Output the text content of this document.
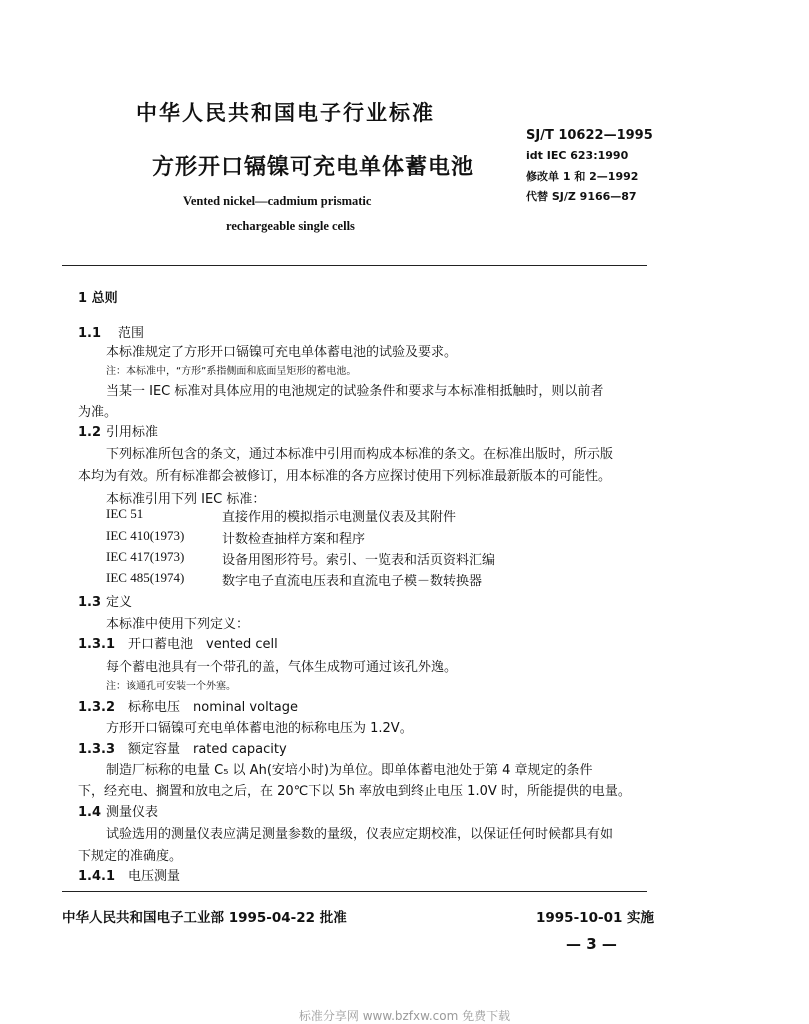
中华人民共和国电子行业标准
SJ/T 10622—1995
idt IEC 623:1990
修改单 1 和 2—1992
代替 SJ/Z 9166—87
方形开口镉镍可充电单体蓄电池
Vented nickel—cadmium prismatic
rechargeable single cells
1 总则
1.1 范围
本标准规定了方形开口镉镍可充电单体蓄电池的试验及要求。
注：本标准中，“方形”系指侧面和底面呈矩形的蓄电池。
当某一 IEC 标准对具体应用的电池规定的试验条件和要求与本标准相抵触时，则以前者
为准。
1.2 引用标准
下列标准所包含的条文，通过本标准中引用而构成本标准的条文。在标准出版时，所示版
本均为有效。所有标准都会被修订，用本标准的各方应探讨使用下列标准最新版本的可能性。
本标准引用下列 IEC 标准：
IEC 51	直接作用的模拟指示电测量仪表及其附件
IEC 410(1973)	计数检查抽样方案和程序
IEC 417(1973)	设备用图形符号。索引、一览表和活页资料汇编
IEC 485(1974)	数字电子直流电压表和直流电子模－数转换器
1.3 定义
本标准中使用下列定义：
1.3.1 开口蓄电池　vented cell
每个蓄电池具有一个带孔的盖，气体生成物可通过该孔外逸。
注：该通孔可安装一个外塞。
1.3.2 标称电压　nominal voltage
方形开口镉镍可充电单体蓄电池的标称电压为 1.2V。
1.3.3 额定容量　rated capacity
制造厂标称的电量 C₅ 以 Ah(安培小时)为单位。即单体蓄电池处于第 4 章规定的条件
下，经充电、搁置和放电之后，在 20℃下以 5h 率放电到终止电压 1.0V 时，所能提供的电量。
1.4 测量仪表
试验选用的测量仪表应满足测量参数的量级，仪表应定期校准，以保证任何时候都具有如
下规定的准确度。
1.4.1 电压测量
中华人民共和国电子工业部 1995-04-22 批准	1995-10-01 实施
— 3 —
标准分享网 www.bzfxw.com 免费下载
